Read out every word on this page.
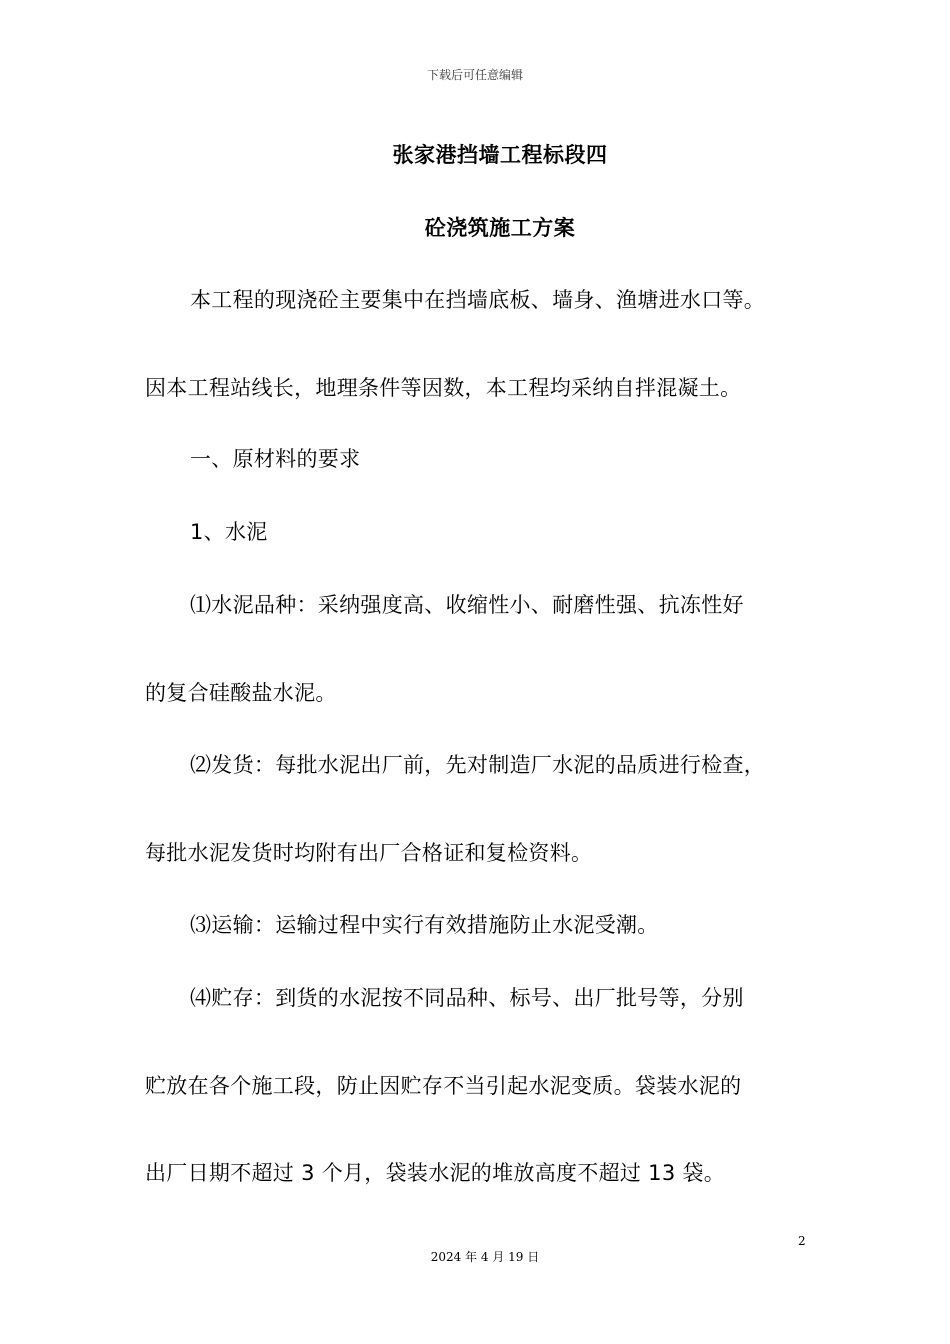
下载后可任意编辑
张家港挡墙工程标段四
砼浇筑施工方案
本工程的现浇砼主要集中在挡墙底板、墙身、渔塘进水口等。
因本工程站线长，地理条件等因数，本工程均采纳自拌混凝土。
一、原材料的要求
1、水泥
⑴水泥品种：采纳强度高、收缩性小、耐磨性强、抗冻性好
的复合硅酸盐水泥。
⑵发货：每批水泥出厂前，先对制造厂水泥的品质进行检查，
每批水泥发货时均附有出厂合格证和复检资料。
⑶运输：运输过程中实行有效措施防止水泥受潮。
⑷贮存：到货的水泥按不同品种、标号、出厂批号等，分别
贮放在各个施工段，防止因贮存不当引起水泥变质。袋装水泥的
出厂日期不超过 3 个月，袋装水泥的堆放高度不超过 13 袋。
2
2024 年 4 月 19 日
